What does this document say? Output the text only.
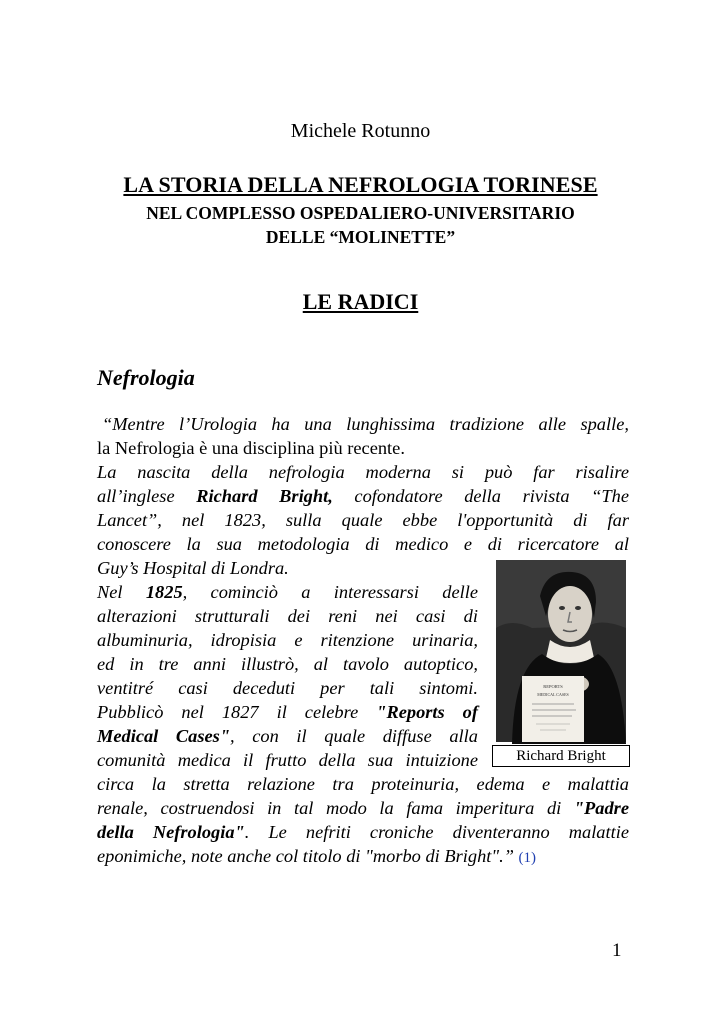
Michele Rotunno
LA STORIA DELLA NEFROLOGIA TORINESE
NEL COMPLESSO OSPEDALIERO-UNIVERSITARIO
DELLE “MOLINETTE”
LE RADICI
Nefrologia
“Mentre l’Urologia ha una lunghissima tradizione alle spalle,
la Nefrologia è una disciplina più recente.
La nascita della nefrologia moderna si può far risalire
all’inglese Richard Bright, cofondatore della rivista “The
Lancet”, nel 1823, sulla quale ebbe l'opportunità di far
conoscere la sua metodologia di medico e di ricercatore al
Guy’s Hospital di Londra.
Nel 1825, cominciò a interessarsi delle
alterazioni strutturali dei reni nei casi di
albuminuria, idropisia e ritenzione urinaria,
ed in tre anni illustrò, al tavolo autoptico,
ventitré casi deceduti per tali sintomi.
Pubblicò nel 1827 il celebre "Reports of
Medical Cases", con il quale diffuse alla
comunità medica il frutto della sua intuizione
circa la stretta relazione tra proteinuria, edema e malattia
renale, costruendosi in tal modo la fama imperitura di "Padre
della Nefrologia". Le nefriti croniche diventeranno malattie
eponimiche, note anche col titolo di "morbo di Bright".” (1)
REPORTS
MEDICAL CASES
Richard Bright
1
